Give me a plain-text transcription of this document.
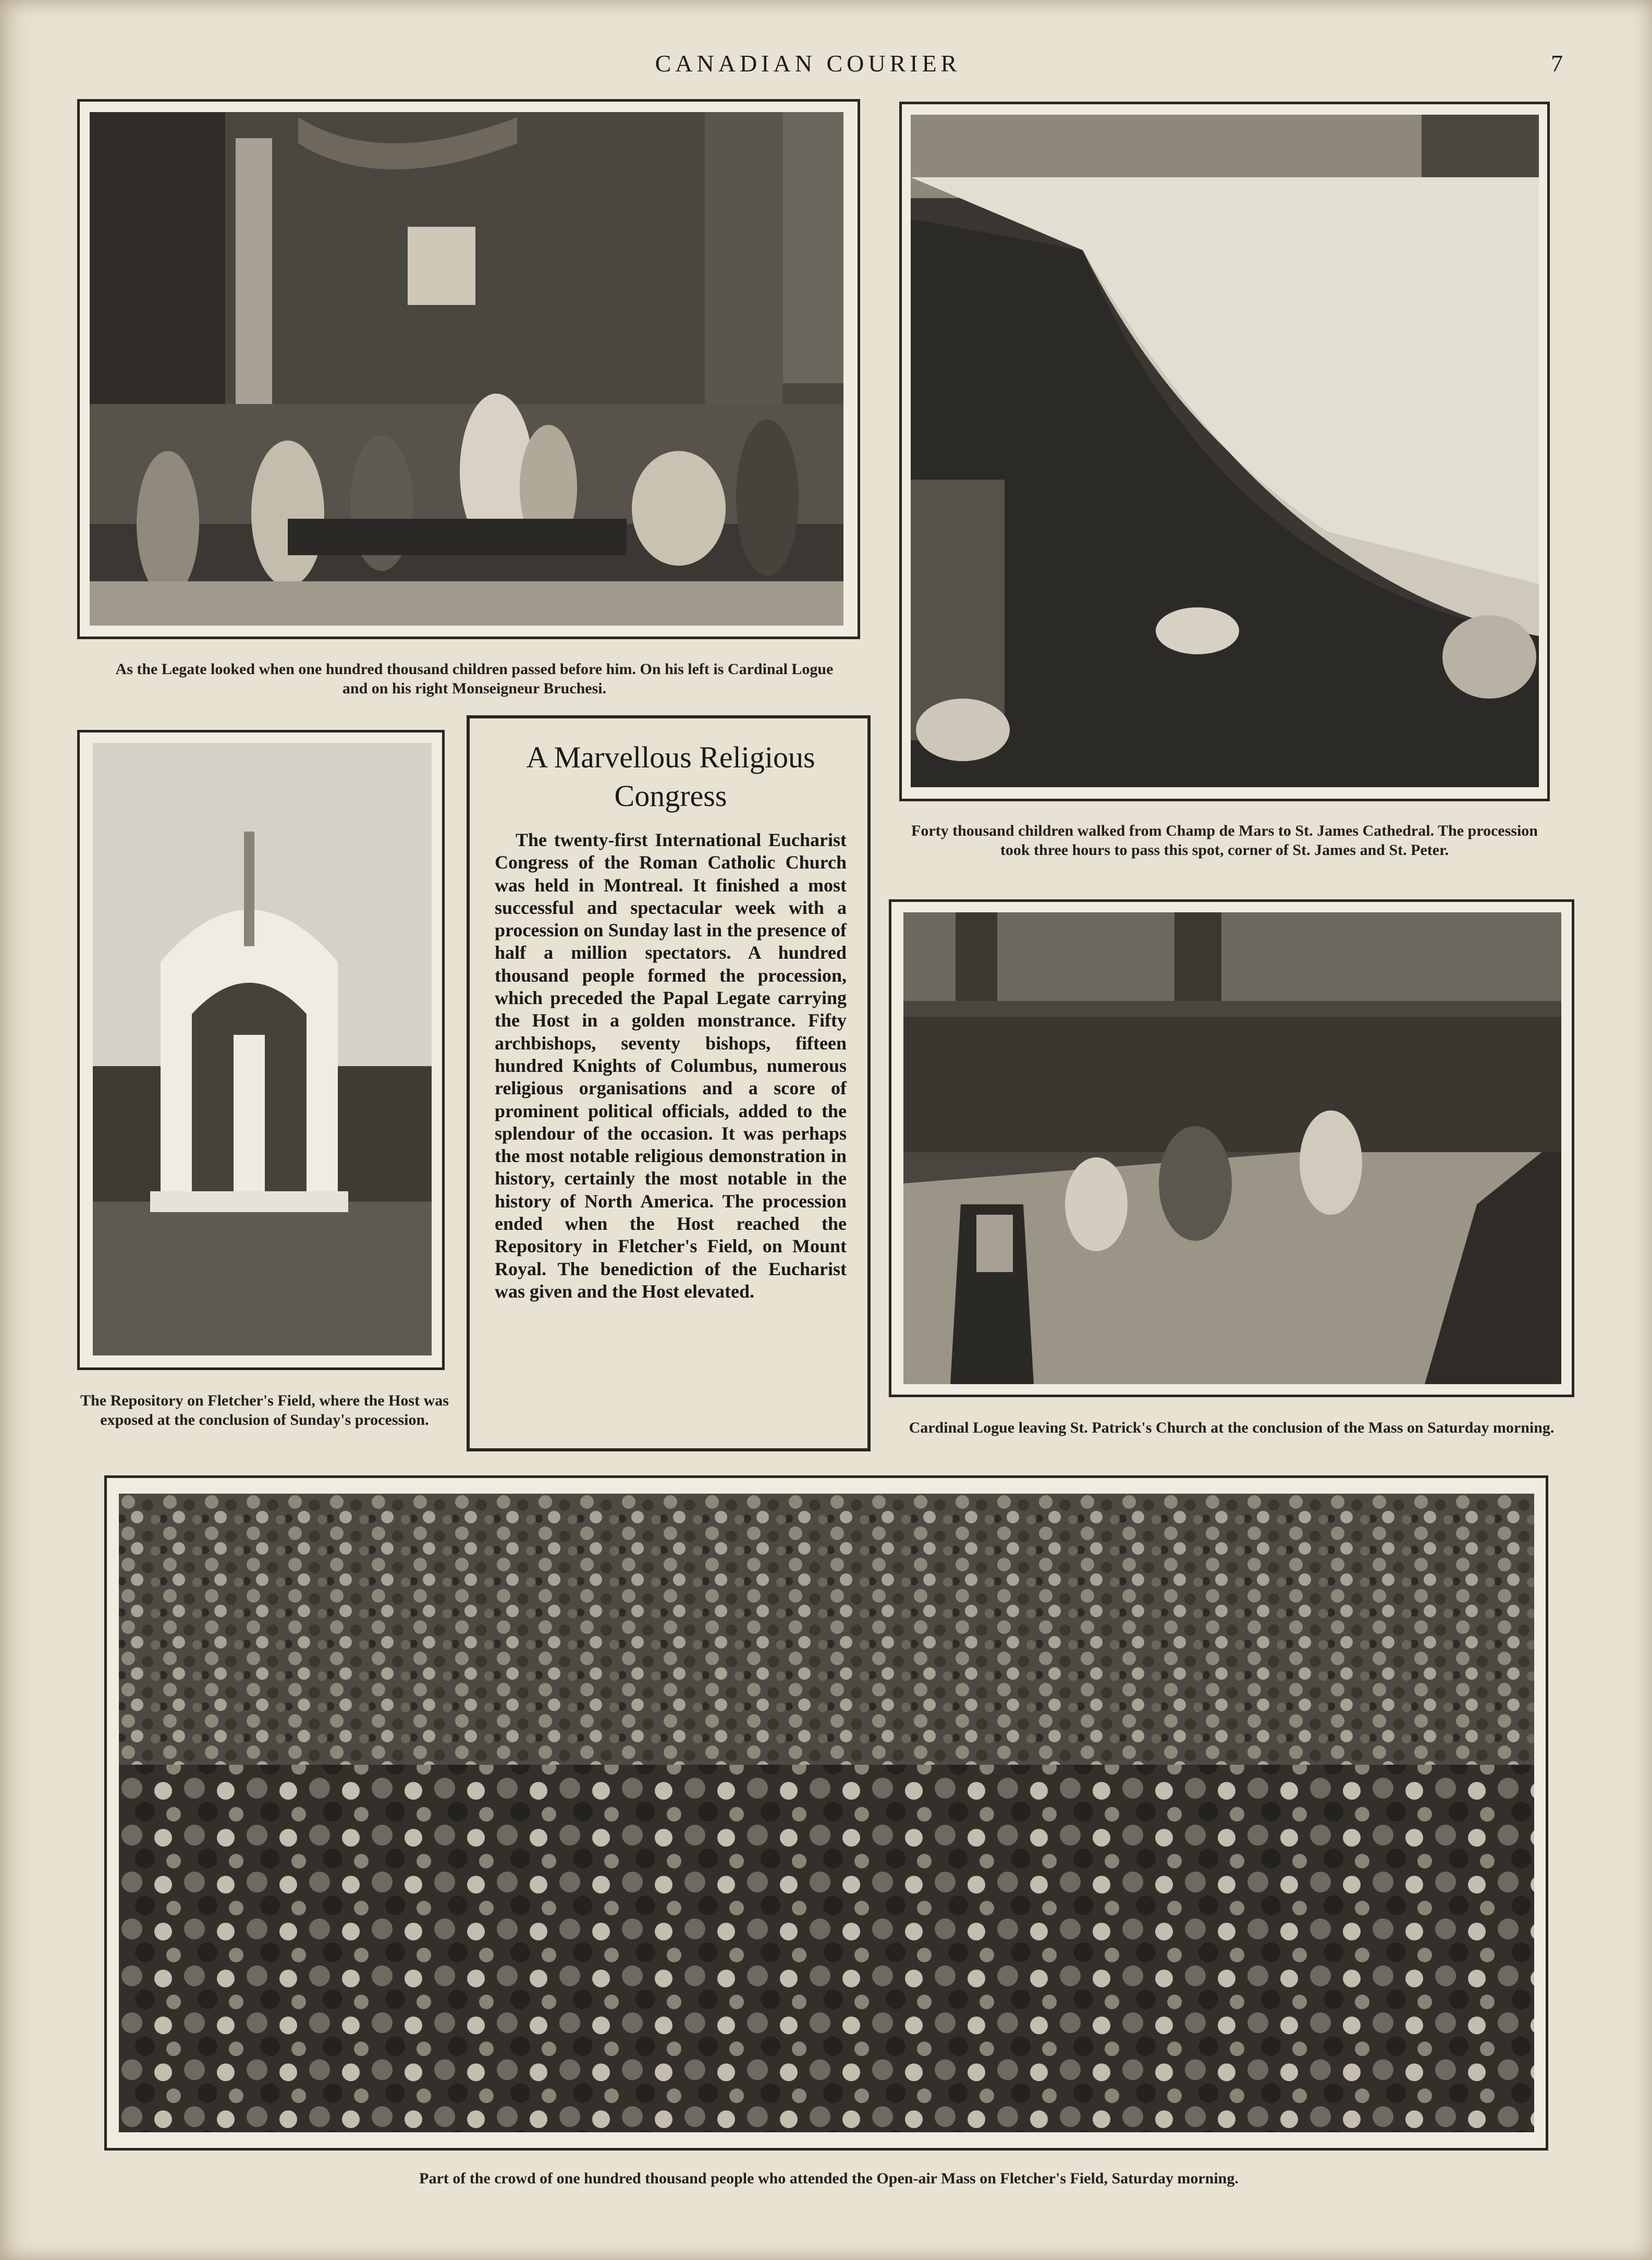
CANADIAN COURIER	7
As the Legate looked when one hundred thousand children passed before him. On his left is Cardinal Logue and on his right Monseigneur Bruchesi.
Forty thousand children walked from Champ de Mars to St. James Cathedral. The procession took three hours to pass this spot, corner of St. James and St. Peter.
The Repository on Fletcher's Field, where the Host was exposed at the conclusion of Sunday's procession.
A Marvellous Religious Congress

The twenty-first International Eucharist Congress of the Roman Catholic Church was held in Montreal. It finished a most successful and spectacular week with a procession on Sunday last in the presence of half a million spectators. A hundred thousand people formed the procession, which preceded the Papal Legate carrying the Host in a golden monstrance. Fifty archbishops, seventy bishops, fifteen hundred Knights of Columbus, numerous religious organisations and a score of prominent political officials, added to the splendour of the occasion. It was perhaps the most notable religious demonstration in history, certainly the most notable in the history of North America. The procession ended when the Host reached the Repository in Fletcher's Field, on Mount Royal. The benediction of the Eucharist was given and the Host elevated.

Cardinal Logue leaving St. Patrick's Church at the conclusion of the Mass on Saturday morning.
Part of the crowd of one hundred thousand people who attended the Open-air Mass on Fletcher's Field, Saturday morning.
